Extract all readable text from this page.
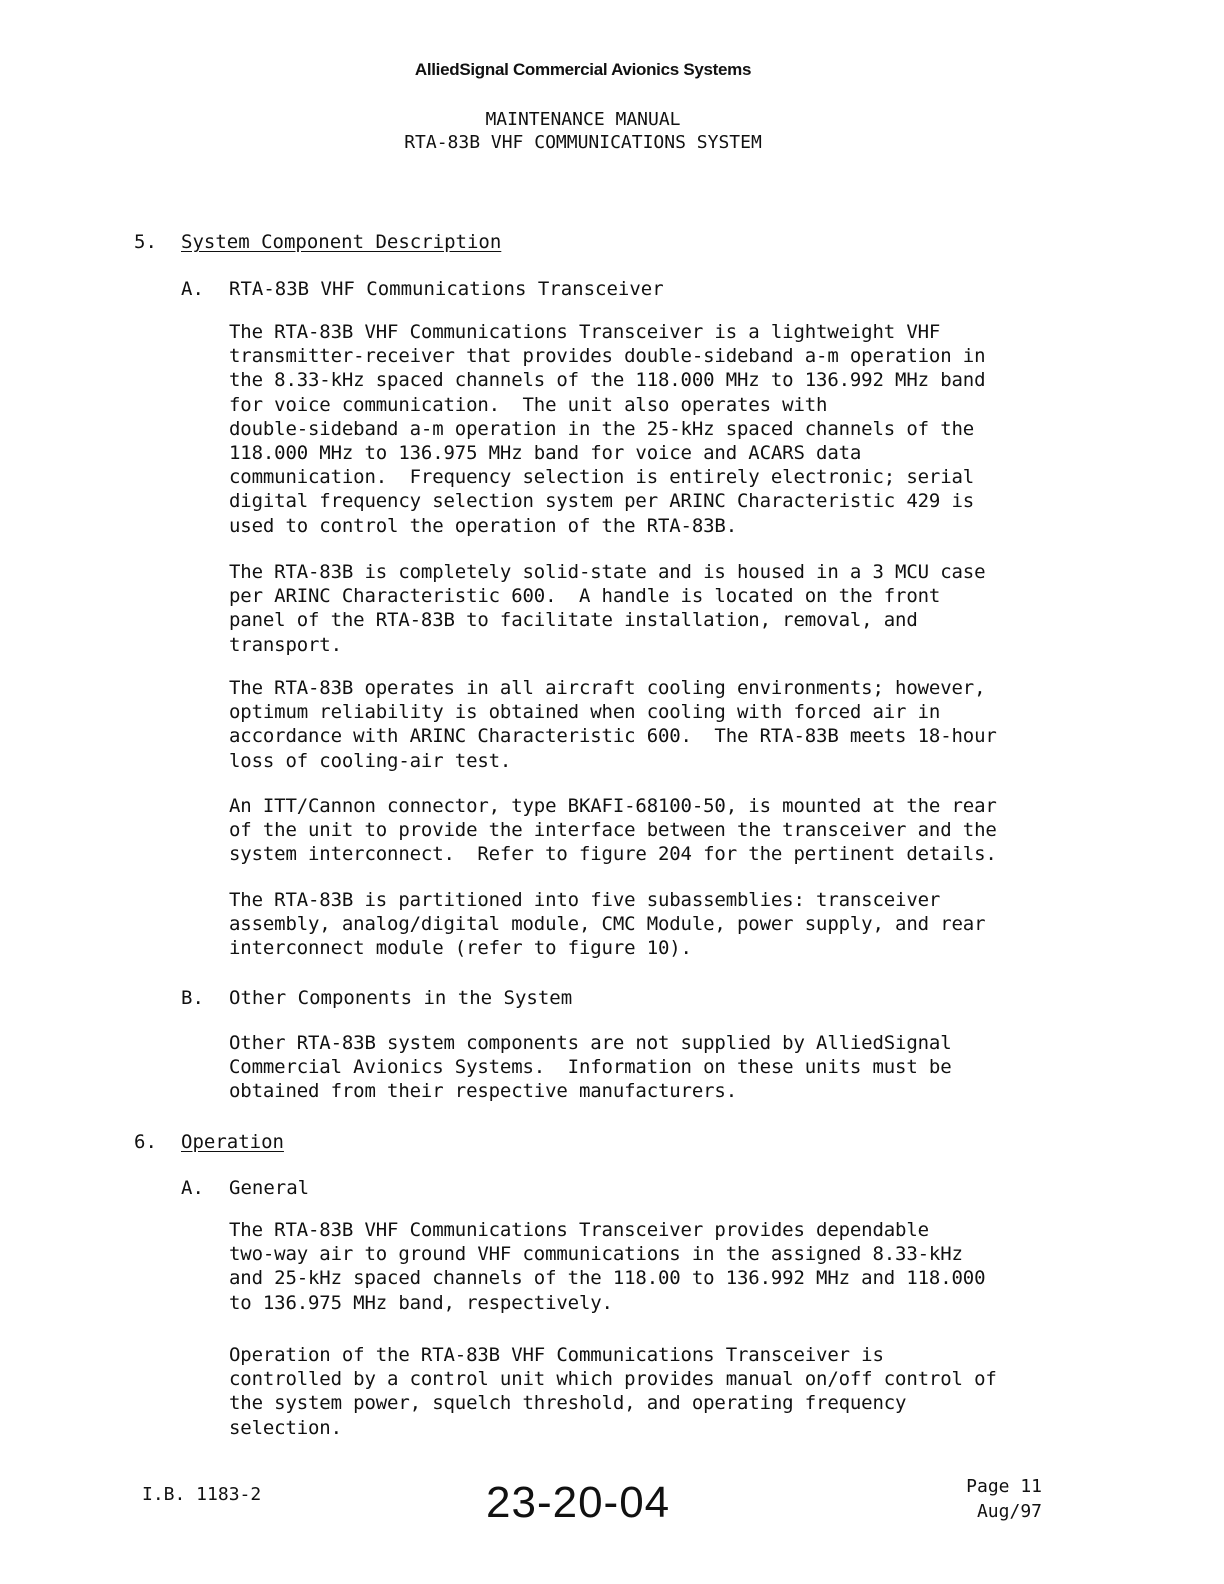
AlliedSignal Commercial Avionics Systems
MAINTENANCE MANUAL
RTA-83B VHF COMMUNICATIONS SYSTEM
5. System Component Description
A. RTA-83B VHF Communications Transceiver
The RTA-83B VHF Communications Transceiver is a lightweight VHF
transmitter-receiver that provides double-sideband a-m operation in
the 8.33-kHz spaced channels of the 118.000 MHz to 136.992 MHz band
for voice communication.  The unit also operates with
double-sideband a-m operation in the 25-kHz spaced channels of the
118.000 MHz to 136.975 MHz band for voice and ACARS data
communication.  Frequency selection is entirely electronic; serial
digital frequency selection system per ARINC Characteristic 429 is
used to control the operation of the RTA-83B.
The RTA-83B is completely solid-state and is housed in a 3 MCU case
per ARINC Characteristic 600.  A handle is located on the front
panel of the RTA-83B to facilitate installation, removal, and
transport.
The RTA-83B operates in all aircraft cooling environments; however,
optimum reliability is obtained when cooling with forced air in
accordance with ARINC Characteristic 600.  The RTA-83B meets 18-hour
loss of cooling-air test.
An ITT/Cannon connector, type BKAFI-68100-50, is mounted at the rear
of the unit to provide the interface between the transceiver and the
system interconnect.  Refer to figure 204 for the pertinent details.
The RTA-83B is partitioned into five subassemblies: transceiver
assembly, analog/digital module, CMC Module, power supply, and rear
interconnect module (refer to figure 10).
B. Other Components in the System
Other RTA-83B system components are not supplied by AlliedSignal
Commercial Avionics Systems.  Information on these units must be
obtained from their respective manufacturers.
6. Operation
A. General
The RTA-83B VHF Communications Transceiver provides dependable
two-way air to ground VHF communications in the assigned 8.33-kHz
and 25-kHz spaced channels of the 118.00 to 136.992 MHz and 118.000
to 136.975 MHz band, respectively.
Operation of the RTA-83B VHF Communications Transceiver is
controlled by a control unit which provides manual on/off control of
the system power, squelch threshold, and operating frequency
selection.
I.B. 1183-2	23-20-04	Page 11
Aug/97
